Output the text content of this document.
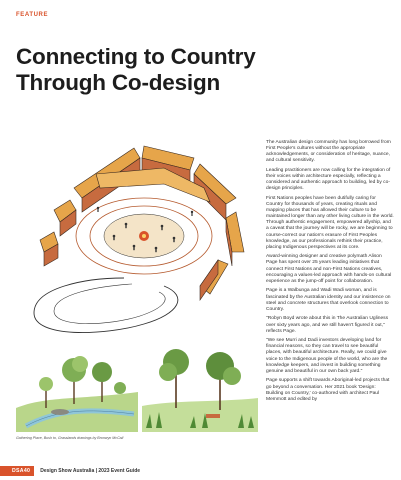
FEATURE
Connecting to Country
Through Co-design
Gathering Place, Bush to, Grasslands drawings by Bronwyn McCall

The Australian design community has long borrowed from First People's cultures without the appropriate acknowledgements, or consideration of heritage, nuance, and cultural sensitivity.

Leading practitioners are now calling for the integration of their voices within architecture especially, reflecting a considered and authentic approach to building, led by co-design principles.

First Nations peoples have been dutifully caring for Country for thousands of years, creating rituals and mapping places that has allowed their culture to be maintained longer than any other living culture in the world. Through authentic engagement, empowered allyship, and a caveat that the journey will be rocky, we are beginning to course-correct our nation's erasure of First Peoples knowledge, as our professionals rethink their practice, placing Indigenous perspectives at its core.

Award-winning designer and creative polymath Alison Page has spent over 25 years leading initiatives that connect First Nations and non-First Nations creatives, encouraging a values-led approach with hands-on cultural experience as the jump-off point for collaboration.

Page is a Walbunga and Wadi Wadi woman, and is fascinated by the Australian identity and our insistence on steel and concrete structures that overlook connection to Country.

"Robyn Boyd wrote about this in The Australian Ugliness over sixty years ago, and we still haven't figured it out," reflects Page.

"We see Murri and Dadi investors developing land for financial reasons, so they can travel to see beautiful places, with beautiful architecture. Really, we could give voice to the Indigenous people of the world, who are the knowledge keepers, and invest in building something genuine and beautiful in our own back yard."

Page supports a shift towards Aboriginal-led projects that go beyond a conversation. Her 2021 book 'Design: Building on Country,' co-authored with architect Paul Memmott and edited by

DSA40	Design Show Australia | 2023 Event Guide
